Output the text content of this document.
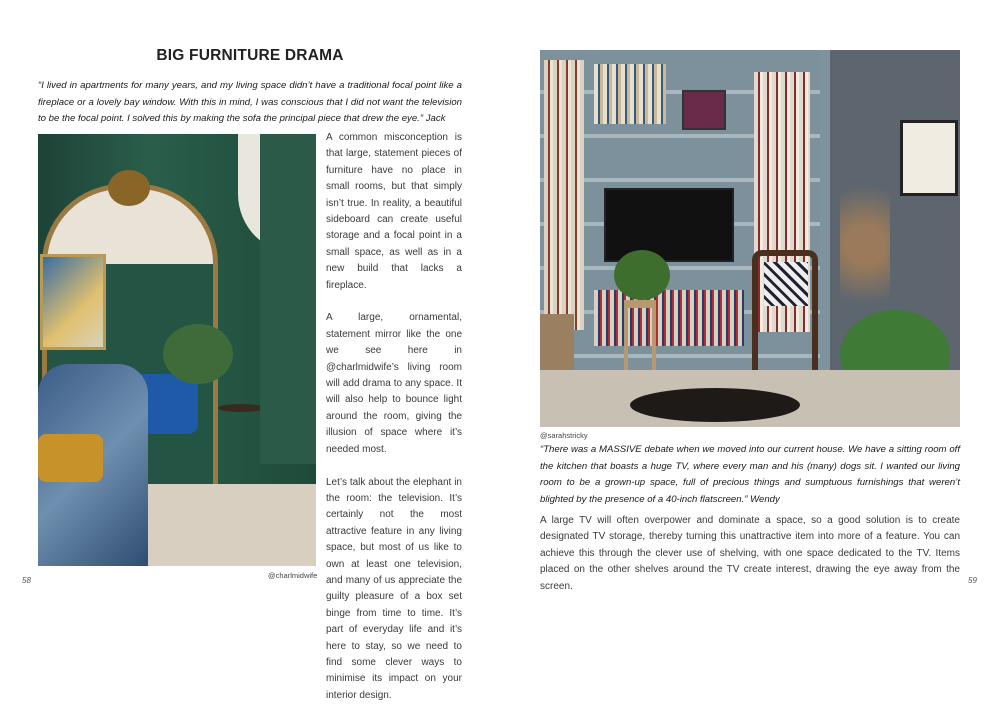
BIG FURNITURE DRAMA
“I lived in apartments for many years, and my living space didn’t have a traditional focal point like a fireplace or a lovely bay window. With this in mind, I was conscious that I did not want the television to be the focal point. I solved this by making the sofa the principal piece that drew the eye.” Jack
@charlmidwife

A common misconception is that large, statement pieces of furniture have no place in small rooms, but that simply isn’t true. In reality, a beautiful sideboard can create useful storage and a focal point in a small space, as well as in a new build that lacks a fireplace.

A large, ornamental, statement mirror like the one we see here in @charlmidwife’s living room will add drama to any space. It will also help to bounce light around the room, giving the illusion of space where it’s needed most.

Let’s talk about the elephant in the room: the television. It’s certainly not the most attractive feature in any living space, but most of us like to own at least one television, and many of us appreciate the guilty pleasure of a box set binge from time to time. It’s part of everyday life and it’s here to stay, so we need to find some clever ways to minimise its impact on your interior design.

58
@sarahstricky
“There was a MASSIVE debate when we moved into our current house. We have a sitting room off the kitchen that boasts a huge TV, where every man and his (many) dogs sit. I wanted our living room to be a grown-up space, full of precious things and sumptuous furnishings that weren’t blighted by the presence of a 40-inch flatscreen.” Wendy
A large TV will often overpower and dominate a space, so a good solution is to create designated TV storage, thereby turning this unattractive item into more of a feature. You can achieve this through the clever use of shelving, with one space dedicated to the TV. Items placed on the other shelves around the TV create interest, drawing the eye away from the screen.
59
